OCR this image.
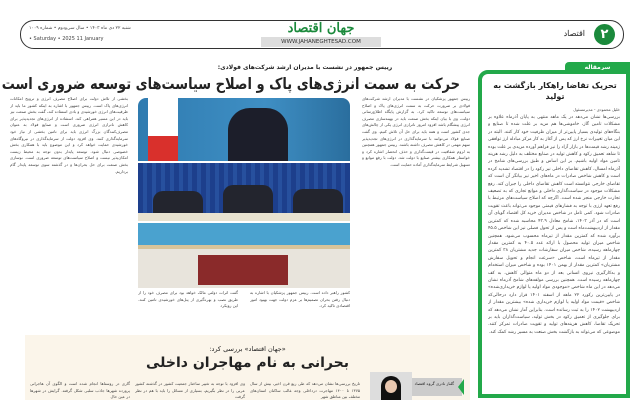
۲
اقتصاد
جهان اقتصاد
WWW.JAHANEGHTESAD.COM
شنبه ۲۲ دی ماه ۱۴۰۳ • سال سی‌ودوم • شماره ۱۰۰۹
• Saturday • 2025 11 January
رییس جمهور در نشست با مدیران ارشد شرکت‌های فولادی:
حرکت به سمت انرژی‌های پاک و اصلاح سیاست‌های توسعه ضروری است
بخشی از تلاش دولت برای اصلاح مصرف انرژی و ترویج امکانات انرژی‌های پاک است. رییس جمهور با اشاره به اینکه کشور ما باید از ظرفیت‌های انرژی خورشیدی و بادی استفاده کند، گفت بخش صنعت نیز باید در این مسیر همراهی کند. استفاده از انرژی‌های تجدیدپذیر برای کاهش ناترازی انرژی ضروری است و صنایع فولاد به عنوان مصرف‌کنندگان بزرگ انرژی باید برای تامین بخشی از نیاز خود سرمایه‌گذاری کنند. وی افزود دولت از سرمایه‌گذاری در نیروگاه‌های خورشیدی حمایت خواهد کرد و این موضوع باید با همکاری بخش خصوصی دنبال شود. توسعه پایدار بدون توجه به محیط زیست امکان‌پذیر نیست و اصلاح سیاست‌های توسعه ضروری است. نوسازی بخش صنعت برای حل بحران‌ها و در گذشته سوی توسعه پایدار گام برداریم.
رییس جمهور پزشکیان در نشست با مدیران ارشد شرکت‌های فولادی بر ضرورت حرکت به سمت انرژی‌های پاک و اصلاح سیاست‌های توسعه تاکید کرد. به گزارش پایگاه اطلاع‌رسانی دولت، وی با بیان اینکه بخش صنعت باید در بهینه‌سازی مصرف انرژی پیشگام باشد افزود امروز ناترازی انرژی یکی از چالش‌های جدی کشور است و همه باید برای حل آن تلاش کنیم. وی گفت صنایع فولاد می‌توانند با سرمایه‌گذاری در انرژی‌های تجدیدپذیر سهم مهمی در کاهش مصرف داشته باشند. رییس جمهور همچنین به لزوم شفافیت در قیمت‌گذاری و حذف انحصار اشاره کرد و خواستار همکاری بیشتر صنایع با دولت شد. دولت با رفع موانع و تسهیل شرایط سرمایه‌گذاری آماده حمایت است.
گفت اثرات دولتی مالک خواهد بود برای مصرف خود را از طریق نصب و بهره‌گیری از پنل‌های خورشیدی تامین کنند. این رویکرد
کشور راهبر داده است. رییس جمهور پزشکیان با اشاره به دنبال رفتن بحران تصمیم‌ها بر عزم دولت جهت بهبود امور اقتصادی تاکید کرد.
سرمقاله
تحریک تقاضا راهکار بازگشت به تولید
خلیل محمودی - مدیرمسئول
بررسی‌ها نشان می‌دهد در یک ماهه منتهی به پایان آذرماه علاوه بر مشکلات تامین گاز، خاموشی‌ها هم مزید بر علت شده تا صنایع و بنگاه‌های تولیدی بسیار پایین‌تر از میزان ظرفیت خود کار کنند. البته در این میان تغییرات نرخ ارز که پس از آغاز به کار مرکز مبادله ارز توافقی زمینه رشد قیمت‌ها در بازار آزاد را نیز فراهم آورده مزیدی بر علت بوده تا شاهد تعمیق رکود و کاهش تولید در صنایع مختلف به دلیل رشد هزینه تامین مواد اولیه باشیم. بر این اساس و طبق بررسی‌های شامخ در آذرماه امسال، کاهش تقاضای داخلی نیز رکود را در اقتصاد تشدید کرده است و کاهش شاخص صادرات در ماه‌های اخیر نیز بیانگر آن است که تقاضای خارجی نتوانسته است کاهش تقاضای داخلی را جبران کند. رفع مشکلات موجود در سیاست‌گذاری داخلی و موانع تجاری که به تضعیف تجارت خارجی منجر شده است. اگرچه که اصلاح سیاست‌های مرتبط با رفع تعهد ارزی با توجه به فشارهای قیمتی موجود می‌تواند باعث تقویت صادرات شود. کمی تامل در شاخص مدیران خرید کل اقتصاد گویای آن است که در آذر ۱۴۰۳، شامخ معادل ۴۳.۹ محاسبه شده که کمترین مقدار از اردیبهشت‌ماه است و پس از تحول فصلی نیز این شاخص ۴۵.۵ برآورد شده که کمترین مقدار از تیرماه محسوب می‌شود. همچنین شاخص میزان تولید محصول با ارائه عدد ۴۰.۵ به کمترین مقدار چهارماهه رسیده، شاخص میزان سفارشات جدید مشتریان ۳۸ کمترین مقدار از تیرماه است، شاخص «سرعت انجام و تحویل سفارش مشتریان» کمترین مقدار از بهمن ۱۴۰۱ بوده و شاخص میزان استخدام و به‌کارگیری نیروی انسانی بعد از دو ماه متوالی کاهش، به کف چهارماهه رسیده است. همچنین بررسی مولفه‌های شامخ آذرماه نشان می‌دهد در این ماه شاخص «موجودی مواد اولیه یا لوازم خریداری‌شده» در پایین‌ترین رکورد ۲۲ ماهه از اسفند ۱۴۰۱ قرار دارد درحالی‌که شاخص «قیمت مواد اولیه یا لوازم خریداری شده» بیشترین مقدار از اردیبهشت ۱۴۰۲ را به ثبت رسانده است. بنابراین آمار نشان می‌دهد که برای جلوگیری از تعمیق رکود در بخش تولید، سیاست‌گذاران باید بر تحریک تقاضا، کاهش هزینه‌های تولید و تقویت صادرات تمرکز کنند. موضوعی که می‌تواند به بازگشت بخش صنعت به مسیر رشد کمک کند.
«جهان اقتصاد» بررسی کرد:
بحرانی به نام مهاجران داخلی
تاریخ بررسی‌ها نشان می‌دهد که طی ربع قرن اخیر، بیش از سال ۱۳۷۵ تا ۱۴۰۰ مهاجرت درداخلی وجه غالب ساکنان استان‌های مختلف بین مناطق شهر
وی افزود با توجه به تغییر ساختار جمعیت کشور در گذشته کشور عربی را در نظر بگیریم، بسیاری از مسائل را باید با هم در نظر گرفت
گاری در روستاها انجام شده است و الگوی آن هاجرانی پرورده شهرها جاذب سلبی شکل گرفته. گرایش در شهرها در عین حال
گلناز نادری گروه اقتصاد
